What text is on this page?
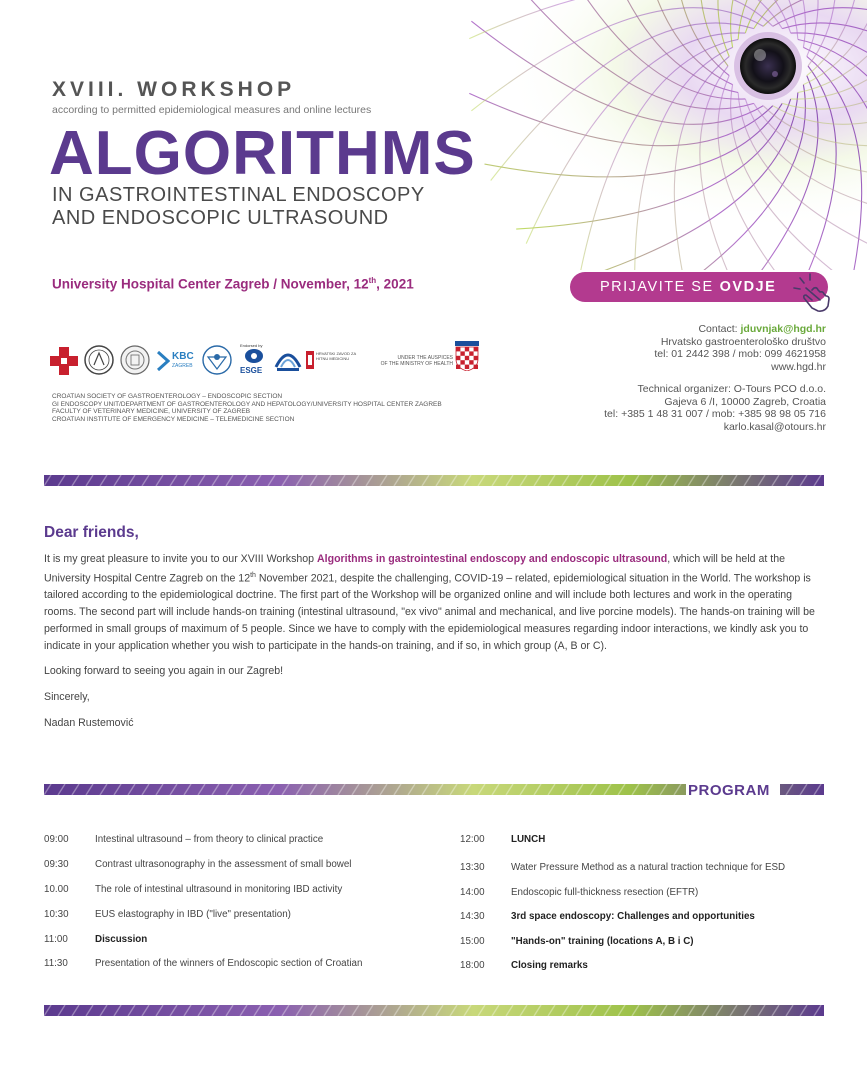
XVIII. WORKSHOP
according to permitted epidemiological measures and online lectures
ALGORITHMS
IN GASTROINTESTINAL ENDOSCOPY
AND ENDOSCOPIC ULTRASOUND
University Hospital Center Zagreb / November, 12th, 2021	PRIJAVITE SE OVDJE
Contact: jduvnjak@hgd.hr
Hrvatsko gastroenterološko društvo
tel: 01 2442 398 / mob: 099 4621958
www.hgd.hr
Technical organizer: O-Tours PCO d.o.o.
Gajeva 6 /I, 10000 Zagreb, Croatia
tel: +385 1 48 31 007 / mob: +385 98 98 05 716
karlo.kasal@otours.hr
KBC
ZAGREB
Endorsed by
ESGE
HRVATSKI ZAVOD ZA HITNU MEDICINU	UNDER THE AUSPICES
OF THE MINISTRY OF HEALTH
CROATIAN SOCIETY OF GASTROENTEROLOGY – ENDOSCOPIC SECTION
GI ENDOSCOPY UNIT/DEPARTMENT OF GASTROENTEROLOGY AND HEPATOLOGY/UNIVERSITY HOSPITAL CENTER ZAGREB
FACULTY OF VETERINARY MEDICINE, UNIVERSITY OF ZAGREB
CROATIAN INSTITUTE OF EMERGENCY MEDICINE – TELEMEDICINE SECTION
Dear friends,

It is my great pleasure to invite you to our XVIII Workshop Algorithms in gastrointestinal endoscopy and endoscopic ultrasound, which will be held at the University Hospital Centre Zagreb on the 12th November 2021, despite the challenging, COVID-19 – related, epidemiological situation in the World. The workshop is tailored according to the epidemiological doctrine. The first part of the Workshop will be organized online and will include both lectures and work in the operating rooms. The second part will include hands-on training (intestinal ultrasound, "ex vivo" animal and mechanical, and live porcine models). The hands-on training will be performed in small groups of maximum of 5 people. Since we have to comply with the epidemiological measures regarding indoor interactions, we kindly ask you to indicate in your application whether you wish to participate in the hands-on training, and if so, in which group (A, B or C).

Looking forward to seeing you again in our Zagreb!

Sincerely,

Nadan Rustemović

PROGRAM
09:00	Intestinal ultrasound – from theory to clinical practice
09:30	Contrast ultrasonography in the assessment of small bowel
10.00	The role of intestinal ultrasound in monitoring IBD activity
10:30	EUS elastography in IBD ("live" presentation)
11:00	Discussion
11:30	Presentation of the winners of Endoscopic section of Croatian
12:00	LUNCH
13:30	Water Pressure Method as a natural traction technique for ESD
14:00	Endoscopic full-thickness resection (EFTR)
14:30	3rd space endoscopy: Challenges and opportunities
15:00	"Hands-on" training (locations A, B i C)
18:00	Closing remarks
